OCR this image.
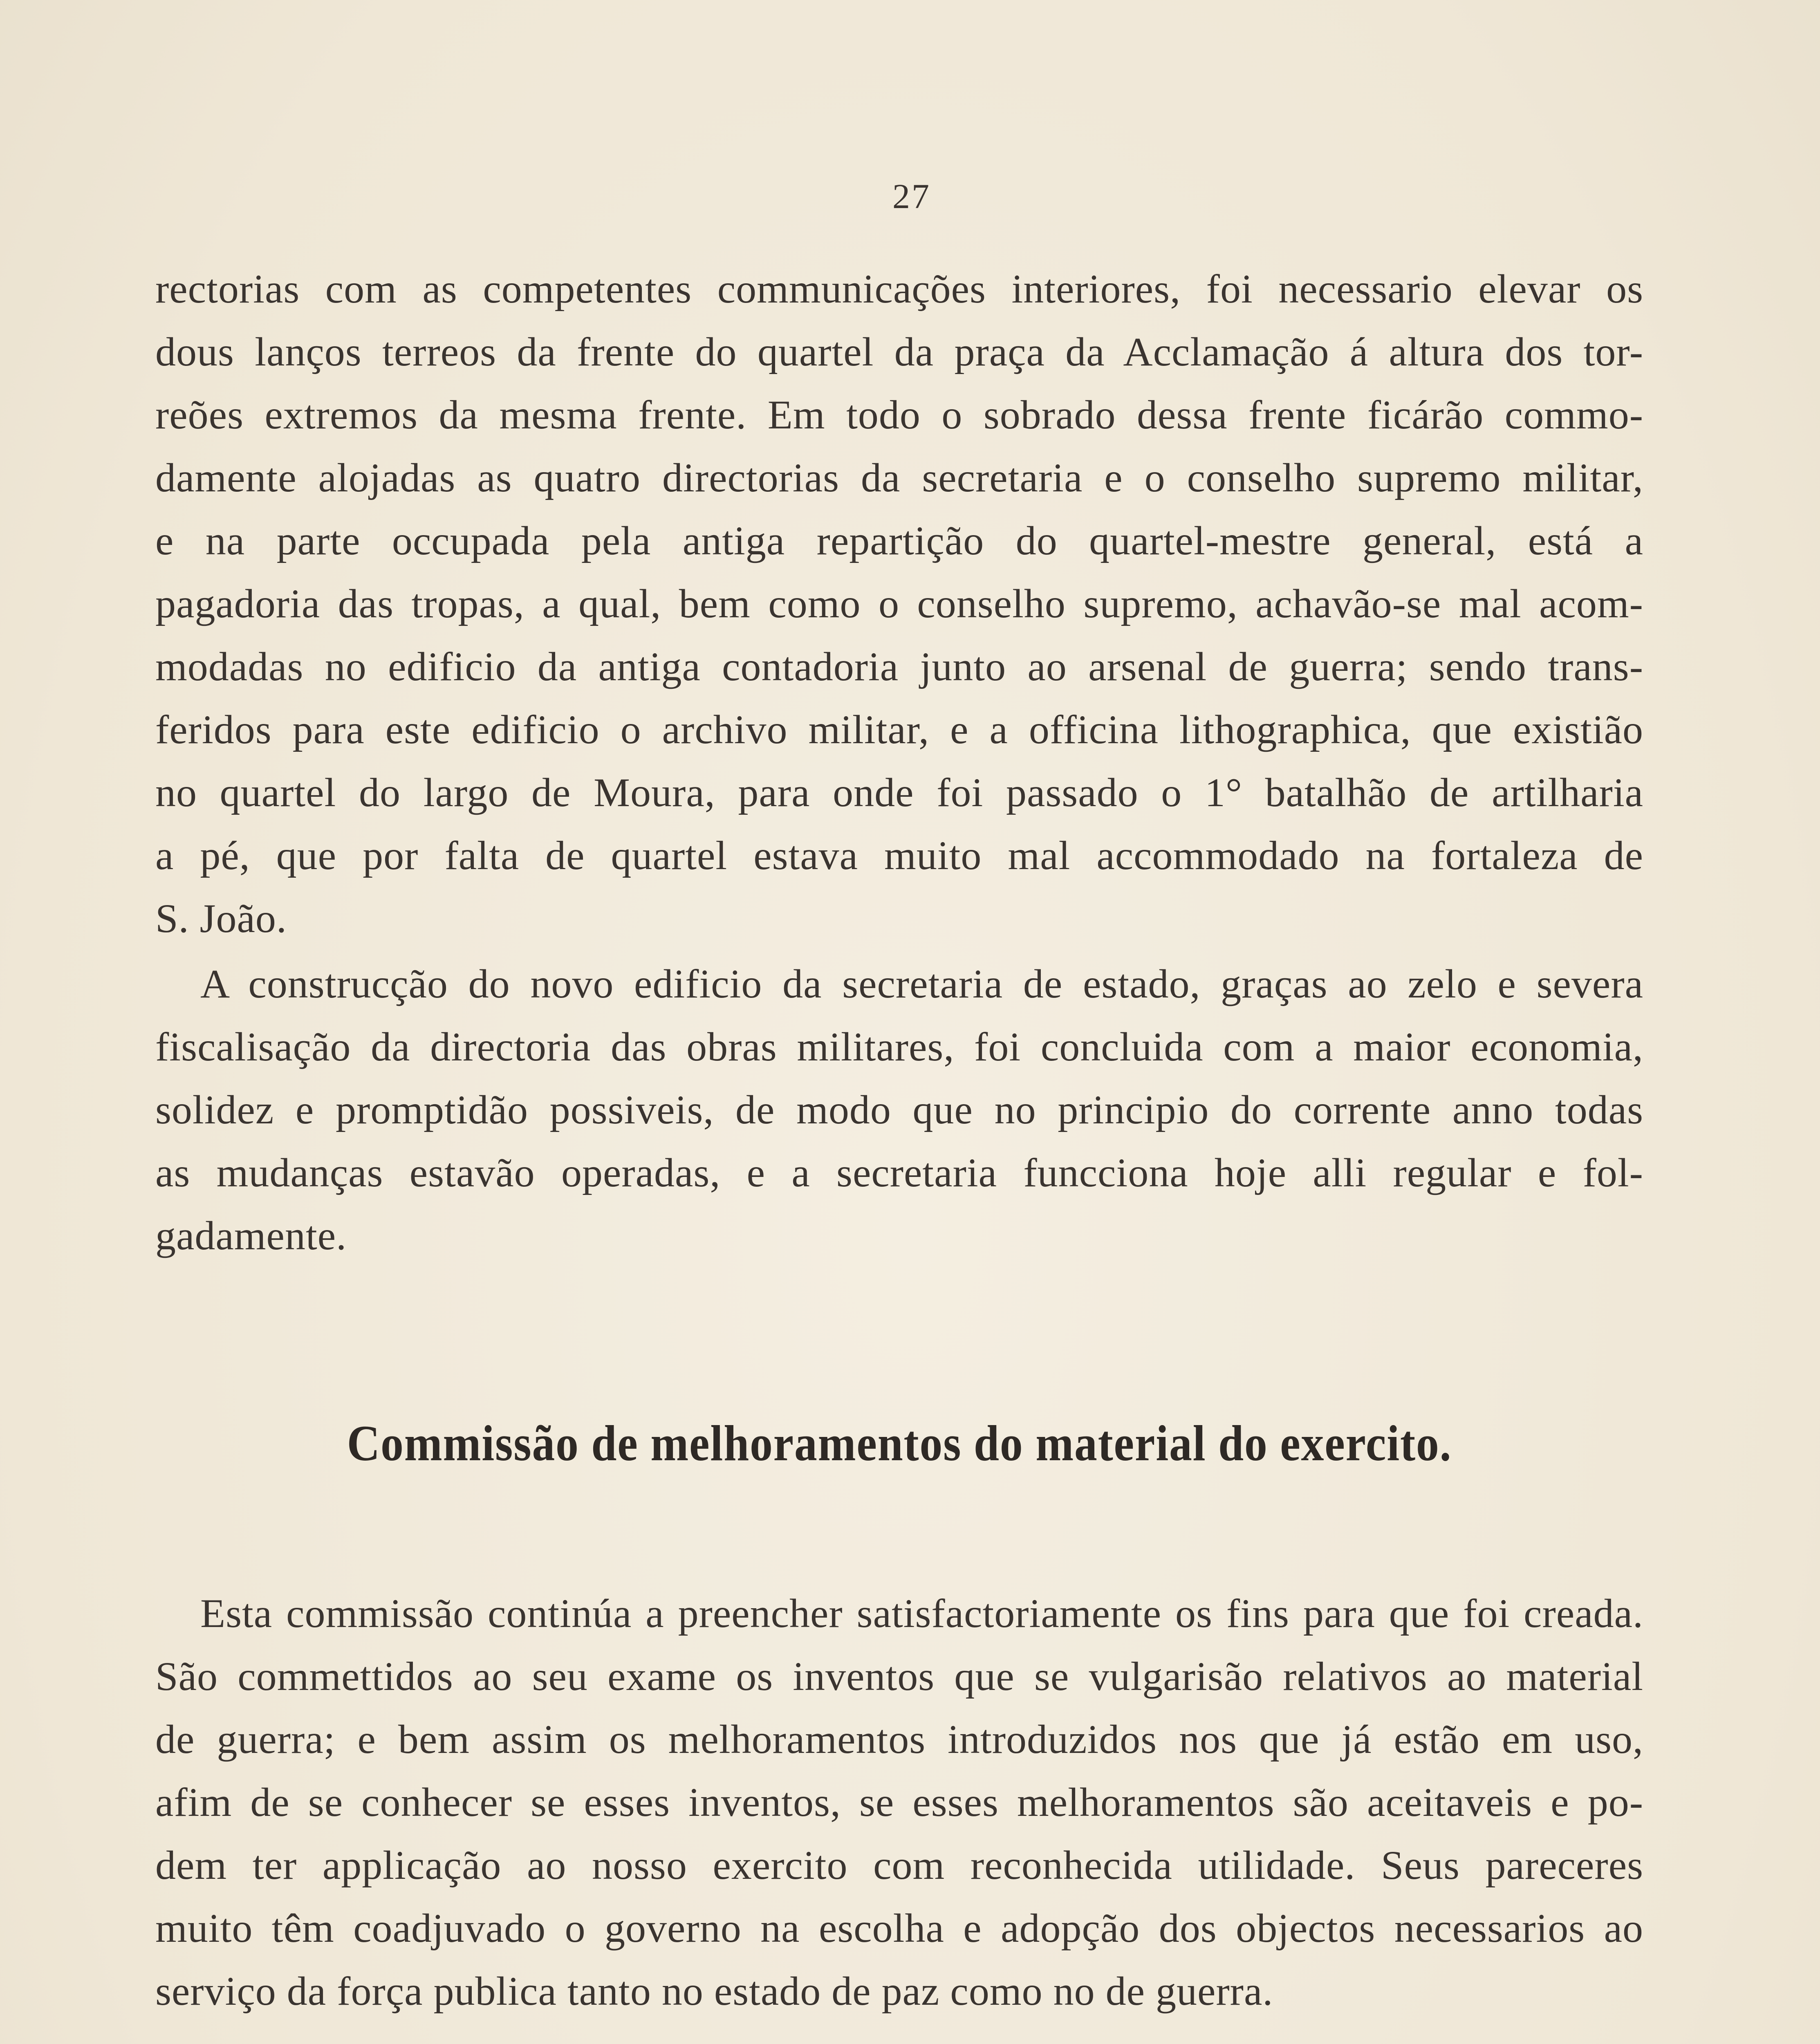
27
rectorias com as competentes communicações interiores, foi necessario elevar os
dous lanços terreos da frente do quartel da praça da Acclamação á altura dos tor-
reões extremos da mesma frente. Em todo o sobrado dessa frente ficárão commo-
damente alojadas as quatro directorias da secretaria e o conselho supremo militar,
e na parte occupada pela antiga repartição do quartel-mestre general, está a
pagadoria das tropas, a qual, bem como o conselho supremo, achavão-se mal acom-
modadas no edificio da antiga contadoria junto ao arsenal de guerra; sendo trans-
feridos para este edificio o archivo militar, e a officina lithographica, que existião
no quartel do largo de Moura, para onde foi passado o 1° batalhão de artilharia
a pé, que por falta de quartel estava muito mal accommodado na fortaleza de
S. João.
A construcção do novo edificio da secretaria de estado, graças ao zelo e severa
fiscalisação da directoria das obras militares, foi concluida com a maior economia,
solidez e promptidão possiveis, de modo que no principio do corrente anno todas
as mudanças estavão operadas, e a secretaria funcciona hoje alli regular e fol-
gadamente.
Commissão de melhoramentos do material do exercito.
Esta commissão continúa a preencher satisfactoriamente os fins para que foi creada.
São commettidos ao seu exame os inventos que se vulgarisão relativos ao material
de guerra; e bem assim os melhoramentos introduzidos nos que já estão em uso,
afim de se conhecer se esses inventos, se esses melhoramentos são aceitaveis e po-
dem ter applicação ao nosso exercito com reconhecida utilidade. Seus pareceres
muito têm coadjuvado o governo na escolha e adopção dos objectos necessarios ao
serviço da força publica tanto no estado de paz como no de guerra.
